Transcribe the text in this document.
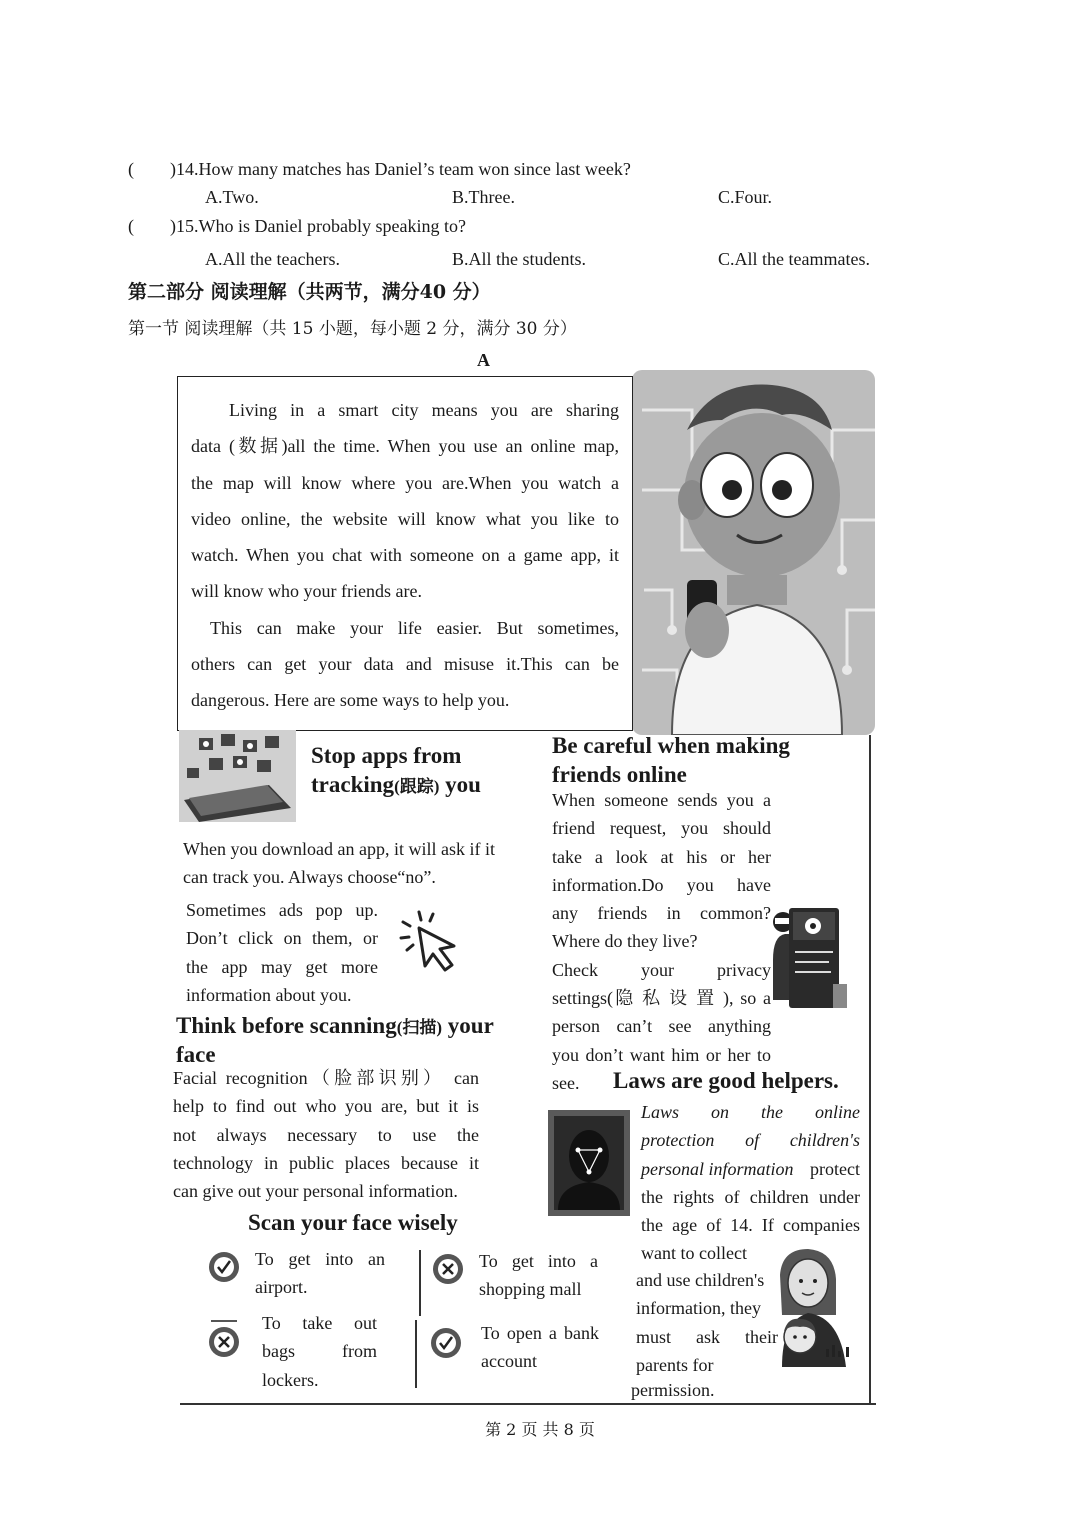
( )14.How many matches has Daniel’s team won since last week?
A.Two.	B.Three.	C.Four.
( )15.Who is Daniel probably speaking to?
A.All the teachers.	B.All the students.	C.All the teammates.
第二部分 阅读理解（共两节，满分40 分）
第一节 阅读理解（共 15 小题，每小题 2 分，满分 30 分）
A

Living in a smart city means you are sharing

data (数据)all the time. When you use an online map,

the map will know where you are.When you watch a

video online, the website will know what you like to

watch. When you chat with someone on a game app, it

will know who your friends are.

This can make your life easier. But sometimes,

others can get your data and misuse it.This can be

dangerous. Here are some ways to help you.

Stop apps from
tracking(跟踪) you
When you download an app, it will ask if it
can track you. Always choose“no”.

Sometimes ads pop up.

Don’t click on them, or

the app may get more

information about you.

Be careful when making
friends online

When someone sends you a

friend request, you should

take a look at his or her

information.Do you have

any friends in common?

Where do they live?

Check your privacy

settings(隐 私 设 置 ), so a

person can’t see anything

you don’t want him or her to

see.

Think before scanning(扫描) your
face

Facial recognition（脸部识别） can

help to find out who you are, but it is

not always necessary to use the

technology in public places because it

can give out your personal information.

Scan your face wisely

To get into an

airport.

To get into a

shopping mall

To take out

bags from

lockers.

To open a bank

account

Laws are good helpers.

Laws on the online

protection of children's

personal information protect

the rights of children under

the age of 14. If companies

want to collect
and use children's
information, they
must ask their
parents for
permission.
第 2 页 共 8 页
